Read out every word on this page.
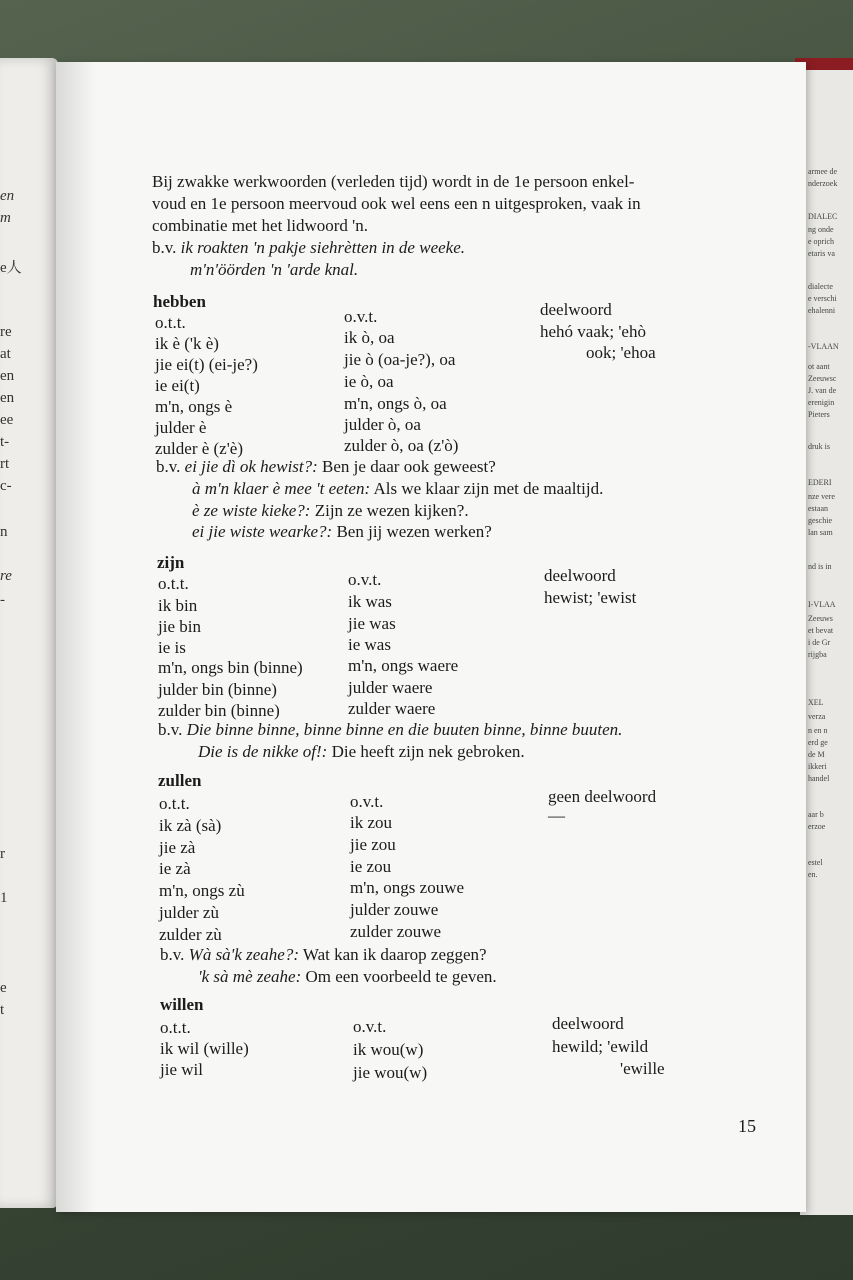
en
m
e人
re
at
en
en
ee
t-
rt
c-
n
re
-
r
1
e
t
armee de
nderzoek
DIALEC
ng onde
e oprich
etaris va
dialecte
e verschi
ehalenni
-VLAAN
ot aant
Zeeuwsc
J. van de
erenigin
Pieters
druk is
EDERI
nze vere
estaan
geschie
lan sam
nd is in
I-VLAA
Zeeuws
et bevat
i de Gr
rijgba
XEL
verza
n en n
erd ge
de M
ikkeri
handel
aar b
erzoe
estel
en.
Bij zwakke werkwoorden (verleden tijd) wordt in de 1e persoon enkel-
voud en 1e persoon meervoud ook wel eens een n uitgesproken, vaak in
combinatie met het lidwoord 'n.
b.v. ik roakten 'n pakje siehrètten in de weeke.
m'n'öörden 'n 'arde knal.
hebben
o.t.t.
ik è ('k è)
jie ei(t) (ei-je?)
ie ei(t)
m'n, ongs è
julder è
zulder è (z'è)
o.v.t.
ik ò, oa
jie ò (oa-je?), oa
ie ò, oa
m'n, ongs ò, oa
julder ò, oa
zulder ò, oa (z'ò)
deelwoord
hehó vaak; 'ehò
ook; 'ehoa
b.v. ei jie dì ok hewist?: Ben je daar ook geweest?
à m'n klaer è mee 't eeten: Als we klaar zijn met de maaltijd.
è ze wiste kieke?: Zijn ze wezen kijken?.
ei jie wiste wearke?: Ben jij wezen werken?
zijn
o.t.t.
ik bin
jie bin
ie is
m'n, ongs bin (binne)
julder bin (binne)
zulder bin (binne)
o.v.t.
ik was
jie was
ie was
m'n, ongs waere
julder waere
zulder waere
deelwoord
hewist; 'ewist
b.v. Die binne binne, binne binne en die buuten binne, binne buuten.
Die is de nikke of!: Die heeft zijn nek gebroken.
zullen
o.t.t.
ik zà (sà)
jie zà
ie zà
m'n, ongs zù
julder zù
zulder zù
o.v.t.
ik zou
jie zou
ie zou
m'n, ongs zouwe
julder zouwe
zulder zouwe
geen deelwoord
—
b.v. Wà sà'k zeahe?: Wat kan ik daarop zeggen?
'k sà mè zeahe: Om een voorbeeld te geven.
willen
o.t.t.
ik wil (wille)
jie wil
o.v.t.
ik wou(w)
jie wou(w)
deelwoord
hewild; 'ewild
'ewille
15
